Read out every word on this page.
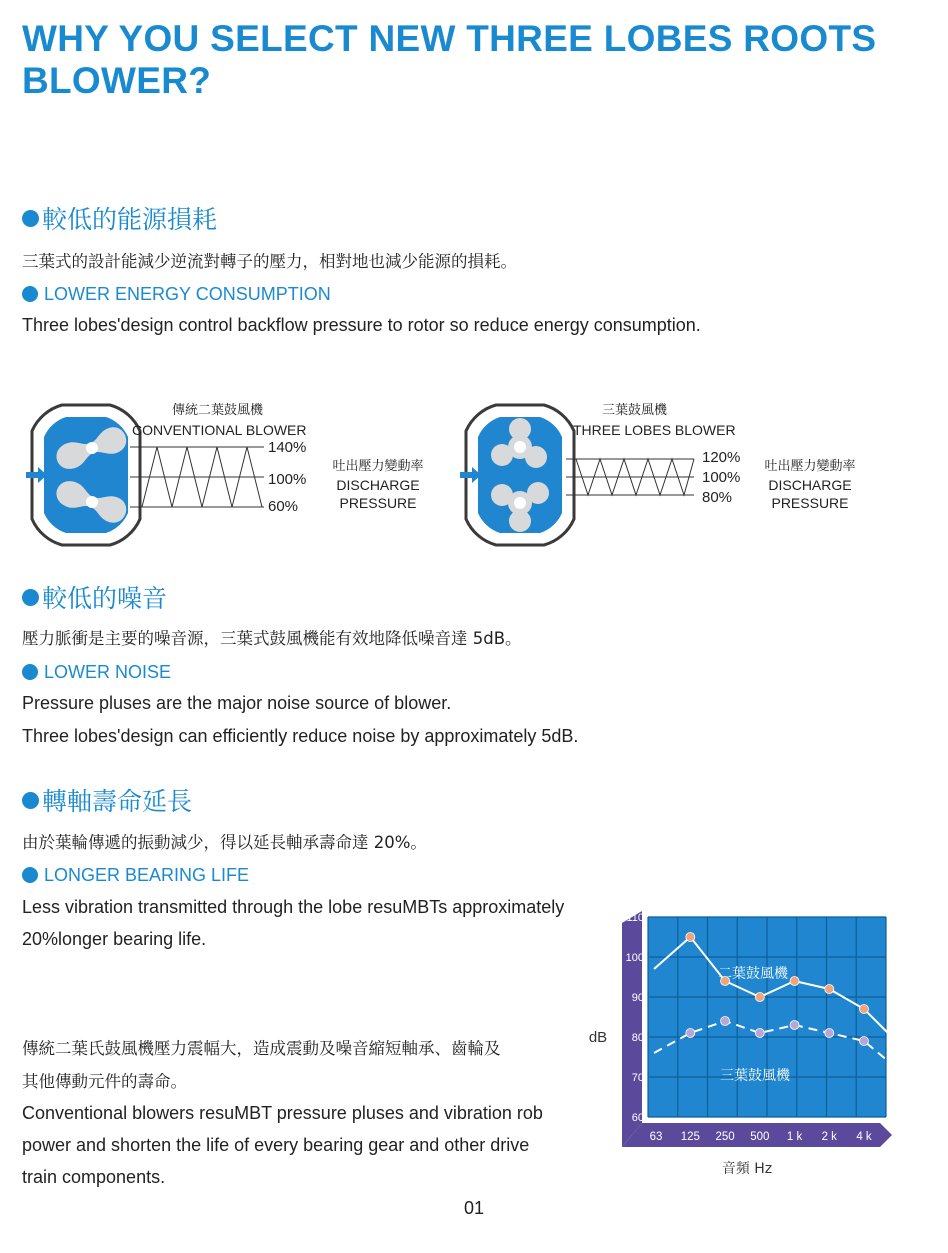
WHY YOU SELECT NEW THREE LOBES ROOTS BLOWER?
較低的能源損耗
三葉式的設計能減少逆流對轉子的壓力，相對地也減少能源的損耗。
LOWER ENERGY CONSUMPTION
Three lobes'design control backflow pressure to rotor so reduce energy consumption.
傳統二葉鼓風機
CONVENTIONAL BLOWER
140%
100%
60%
吐出壓力變動率
DISCHARGE
PRESSURE
三葉鼓風機
THREE LOBES BLOWER
120%
100%
80%
吐出壓力變動率
DISCHARGE
PRESSURE
較低的噪音
壓力脈衝是主要的噪音源，三葉式鼓風機能有效地降低噪音達 5dB。
LOWER NOISE
Pressure pluses are the major noise source of blower.
Three lobes'design can efficiently reduce noise by approximately 5dB.
轉軸壽命延長
由於葉輪傳遞的振動減少，得以延長軸承壽命達 20%。
LONGER BEARING LIFE
Less vibration transmitted through the lobe resuMBTs approximately
20%longer bearing life.
傳統二葉氏鼓風機壓力震幅大，造成震動及噪音縮短軸承、齒輪及
其他傳動元件的壽命。
Conventional blowers resuMBT pressure pluses and vibration rob
power and shorten the life of every bearing gear and other drive
train components.
110
100
90
80
70
60
dB
63 125 250 500 1 k 2 k 4 k
音頻 Hz
二葉鼓風機
三葉鼓風機
01
